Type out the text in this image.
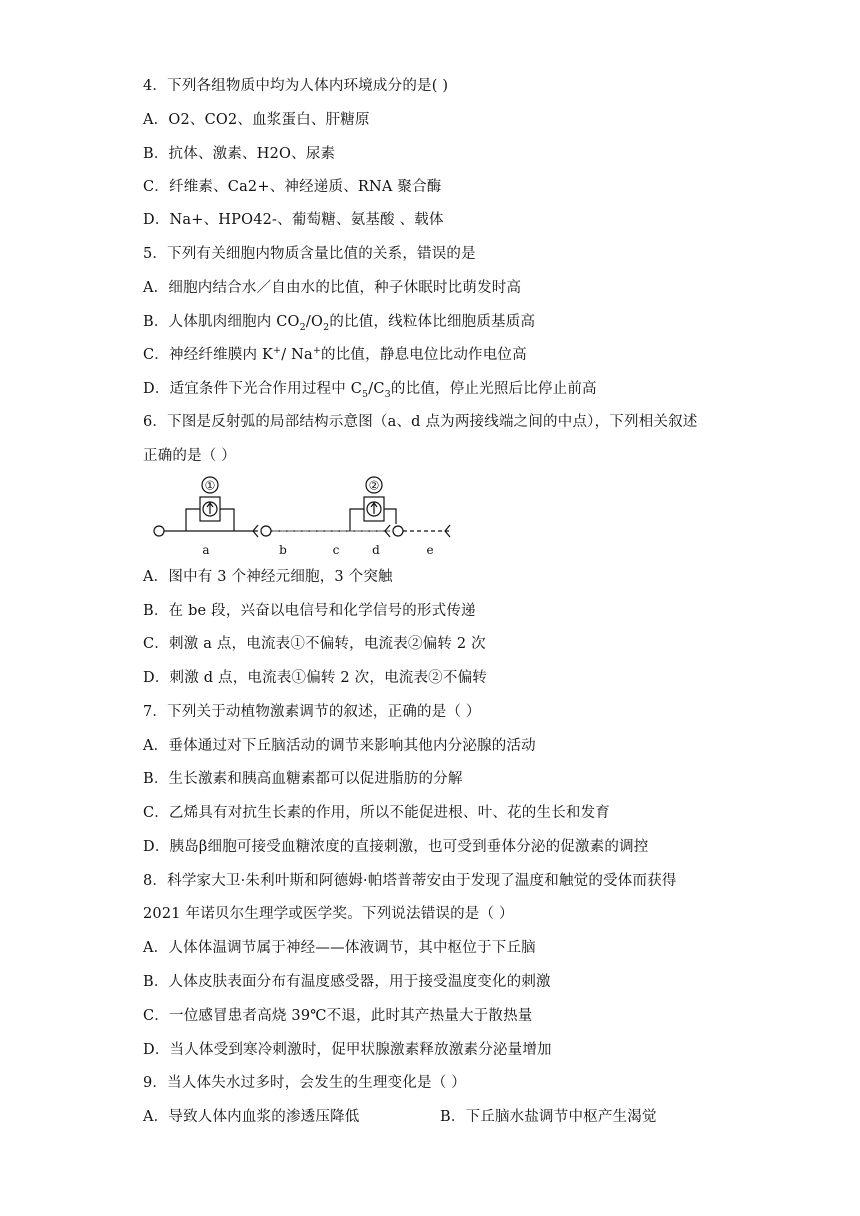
4．下列各组物质中均为人体内环境成分的是( )
A．O2、CO2、血浆蛋白、肝糖原
B．抗体、激素、H2O、尿素
C．纤维素、Ca2+、神经递质、RNA 聚合酶
D．Na+、HPO42-、葡萄糖、氨基酸 、载体
5．下列有关细胞内物质含量比值的关系，错误的是
A．细胞内结合水／自由水的比值，种子休眠时比萌发时高
B．人体肌肉细胞内 $CO_2/O_2$的比值，线粒体比细胞质基质高
C．神经纤维膜内 K+/ Na+的比值，静息电位比动作电位高
D．适宜条件下光合作用过程中 $C_5/C_3$的比值，停止光照后比停止前高
6．下图是反射弧的局部结构示意图（a、d 点为两接线端之间的中点），下列相关叙述
正确的是（ ）
①	②
a	b	c	d	e
A．图中有 3 个神经元细胞，3 个突触
B．在 be 段，兴奋以电信号和化学信号的形式传递
C．刺激 a 点，电流表①不偏转，电流表②偏转 2 次
D．刺激 d 点，电流表①偏转 2 次，电流表②不偏转
7．下列关于动植物激素调节的叙述，正确的是（ ）
A．垂体通过对下丘脑活动的调节来影响其他内分泌腺的活动
B．生长激素和胰高血糖素都可以促进脂肪的分解
C．乙烯具有对抗生长素的作用，所以不能促进根、叶、花的生长和发育
D．胰岛β细胞可接受血糖浓度的直接刺激，也可受到垂体分泌的促激素的调控
8．科学家大卫·朱利叶斯和阿德姆·帕塔普蒂安由于发现了温度和触觉的受体而获得
2021 年诺贝尔生理学或医学奖。下列说法错误的是（ ）
A．人体体温调节属于神经——体液调节，其中枢位于下丘脑
B．人体皮肤表面分布有温度感受器，用于接受温度变化的刺激
C．一位感冒患者高烧 39℃不退，此时其产热量大于散热量
D．当人体受到寒冷刺激时，促甲状腺激素释放激素分泌量增加
9．当人体失水过多时，会发生的生理变化是（ ）
A．导致人体内血浆的渗透压降低	B．下丘脑水盐调节中枢产生渴觉
